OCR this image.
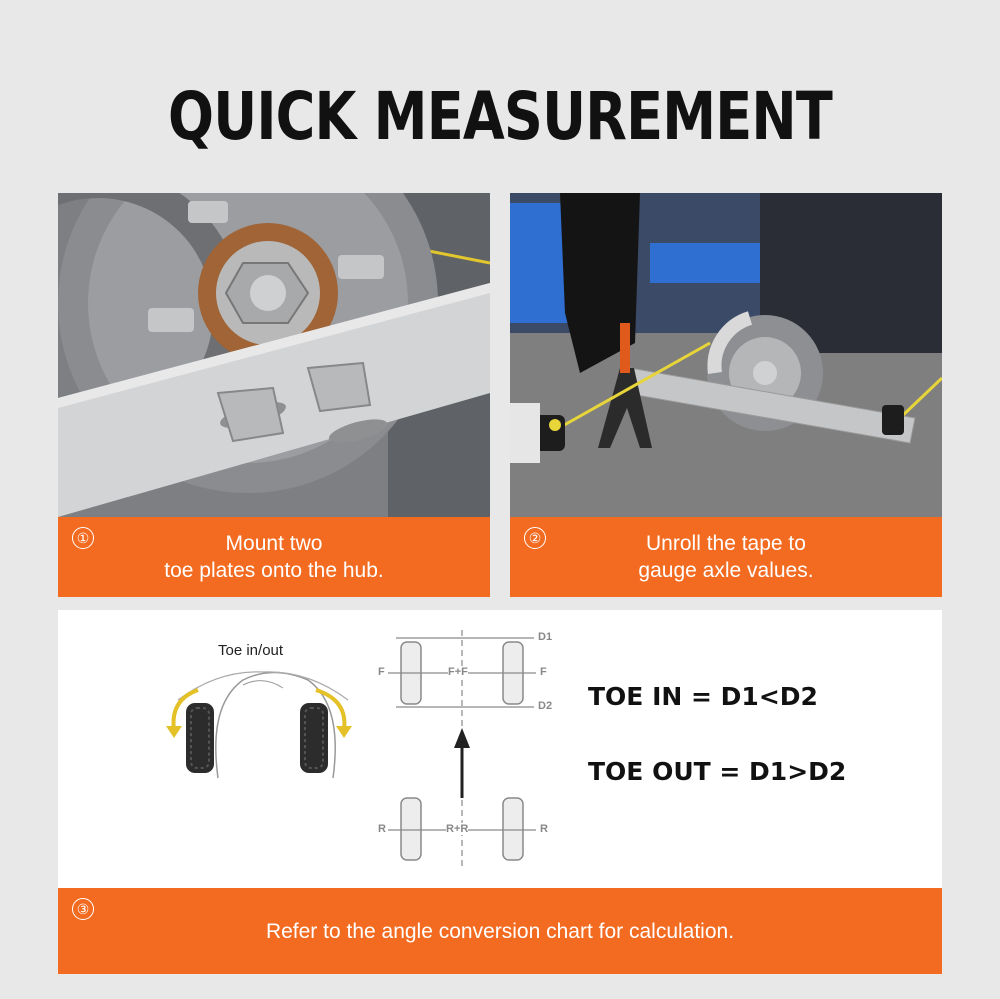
QUICK MEASUREMENT
①	Mount two
toe plates onto the hub.
②	Unroll the tape to
gauge axle values.
Toe in/out
D1
D2
F	F
F+F
R	R
R+R
TOE IN = D1<D2
TOE OUT = D1>D2
③
Refer to the angle conversion chart for calculation.
